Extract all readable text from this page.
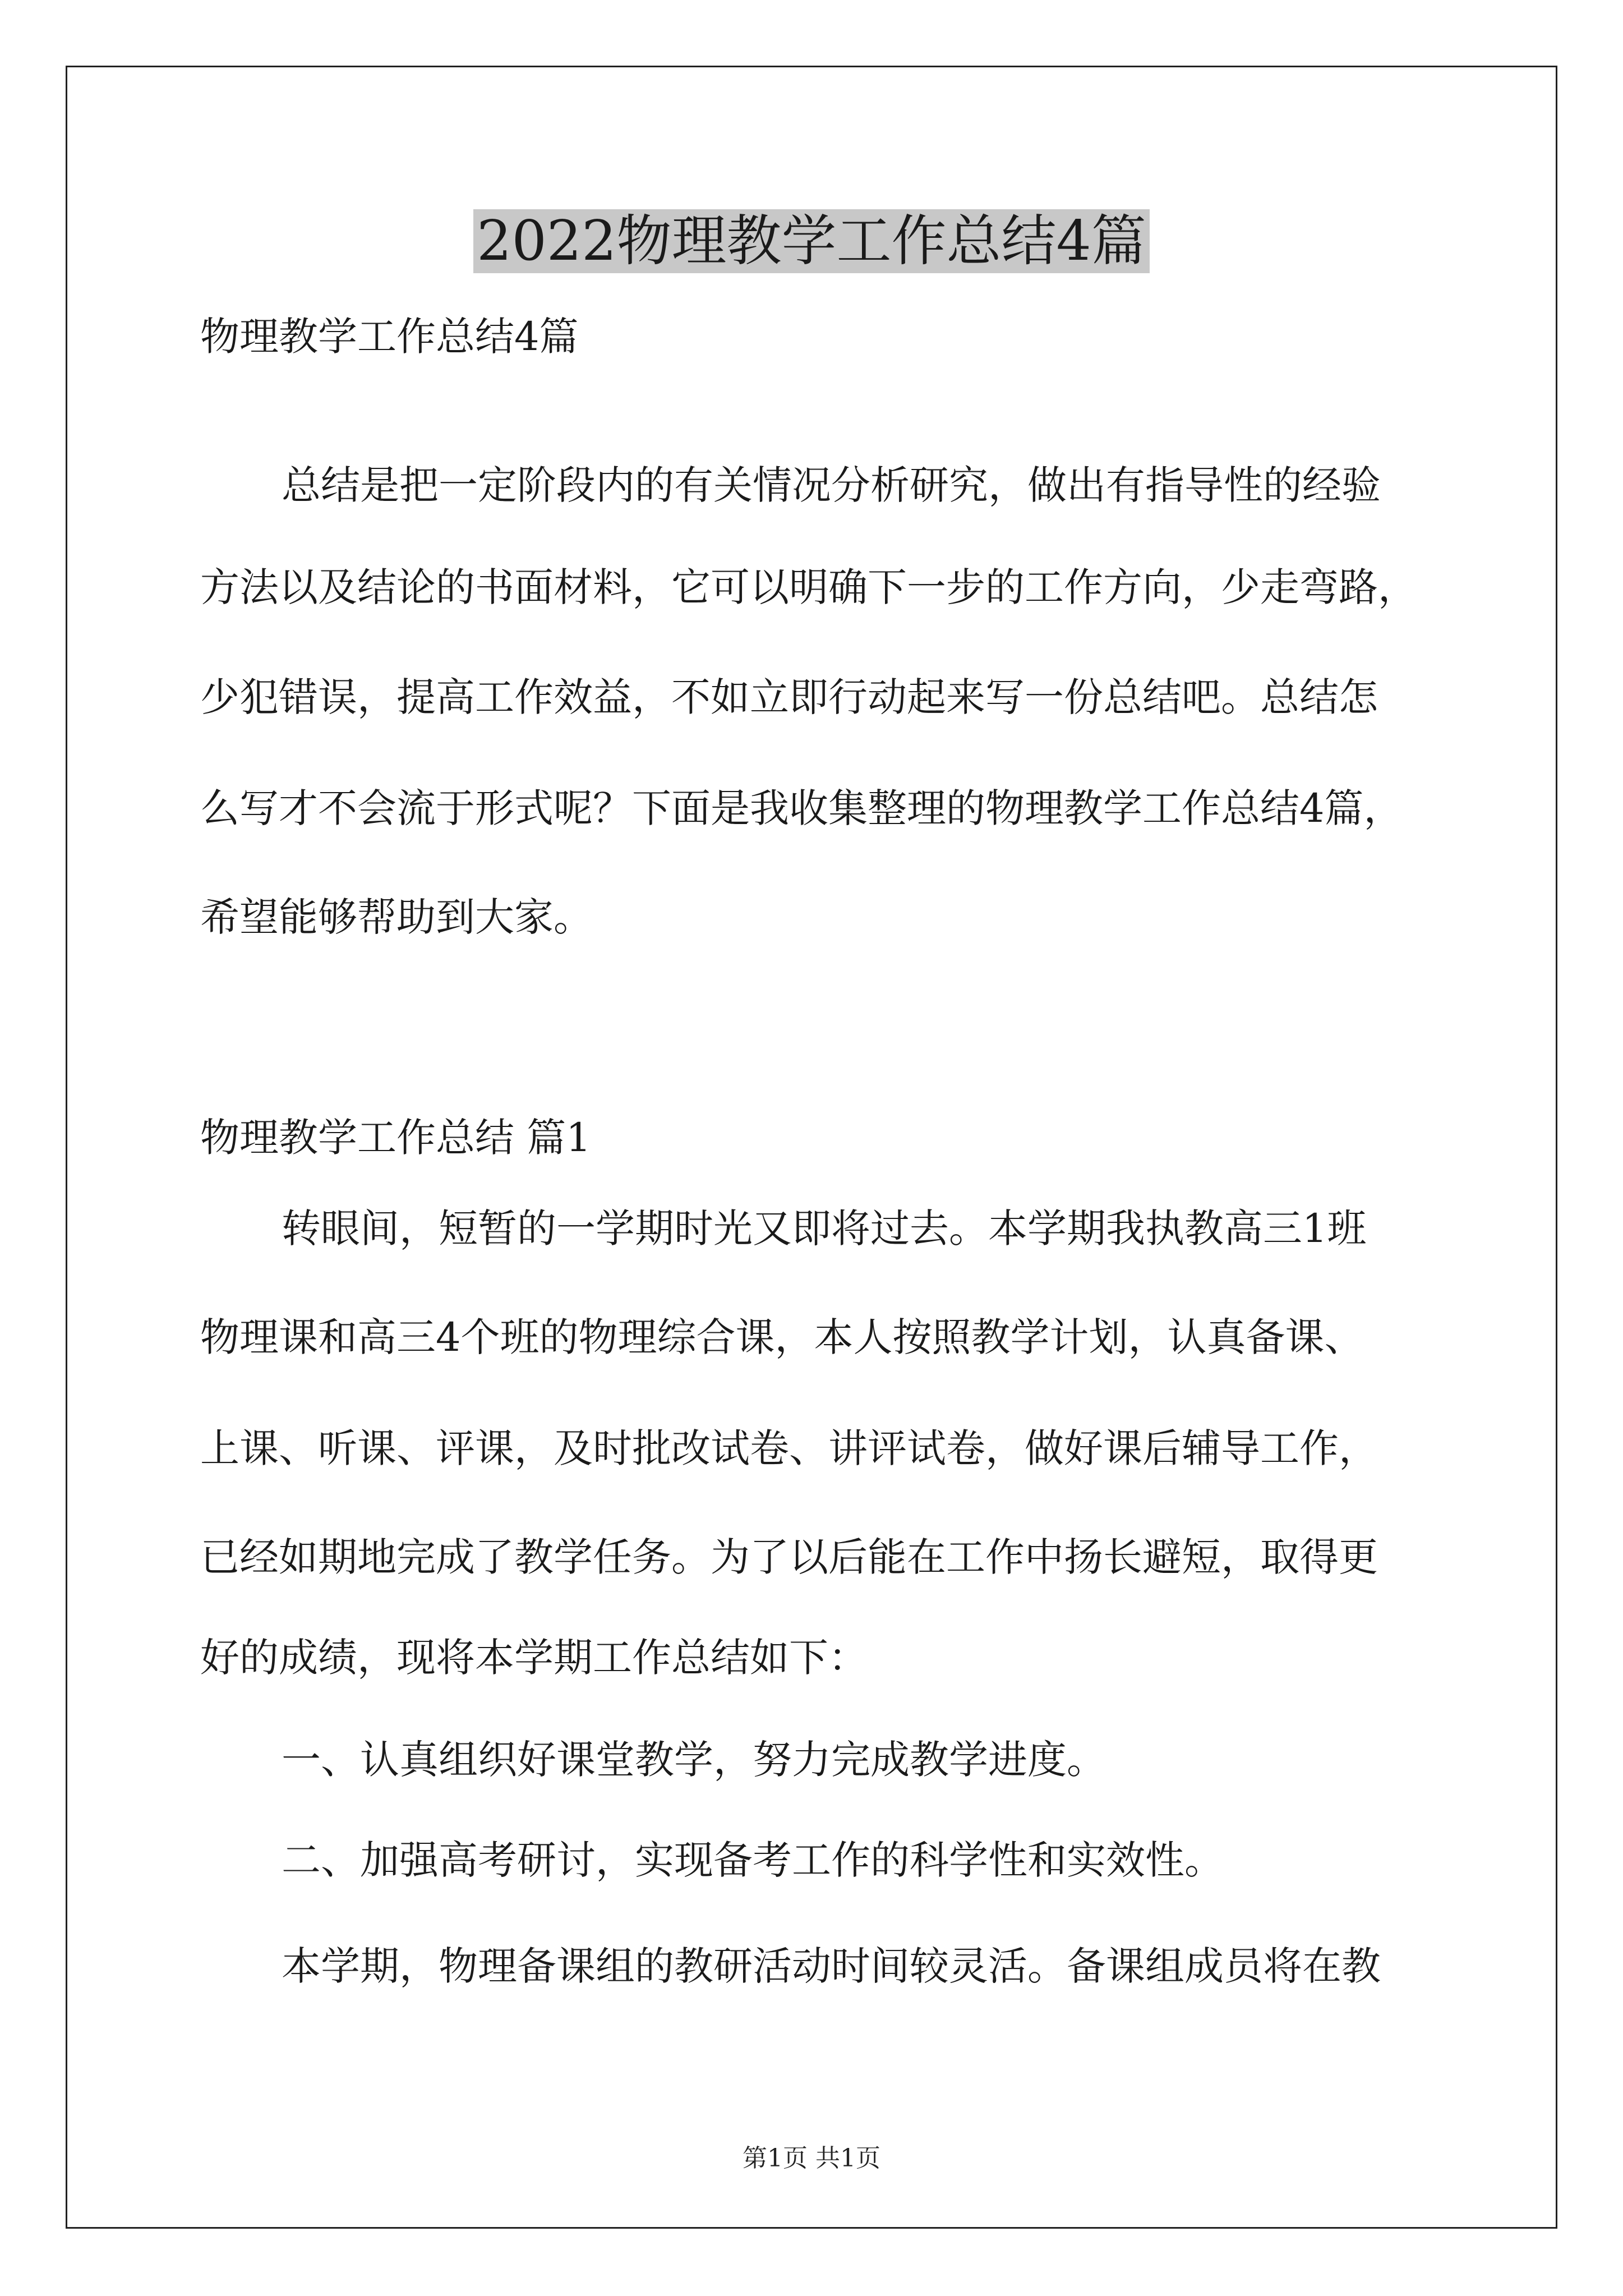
2022物理教学工作总结4篇

物理教学工作总结4篇

总结是把一定阶段内的有关情况分析研究，做出有指导性的经验

方法以及结论的书面材料，它可以明确下一步的工作方向，少走弯路，

少犯错误，提高工作效益，不如立即行动起来写一份总结吧。总结怎

么写才不会流于形式呢？下面是我收集整理的物理教学工作总结4篇，

希望能够帮助到大家。

物理教学工作总结 篇1

转眼间，短暂的一学期时光又即将过去。本学期我执教高三1班

物理课和高三4个班的物理综合课，本人按照教学计划，认真备课、

上课、听课、评课，及时批改试卷、讲评试卷，做好课后辅导工作，

已经如期地完成了教学任务。为了以后能在工作中扬长避短，取得更

好的成绩，现将本学期工作总结如下：

一、认真组织好课堂教学，努力完成教学进度。

二、加强高考研讨，实现备考工作的科学性和实效性。

本学期，物理备课组的教研活动时间较灵活。备课组成员将在教

第1页 共1页
